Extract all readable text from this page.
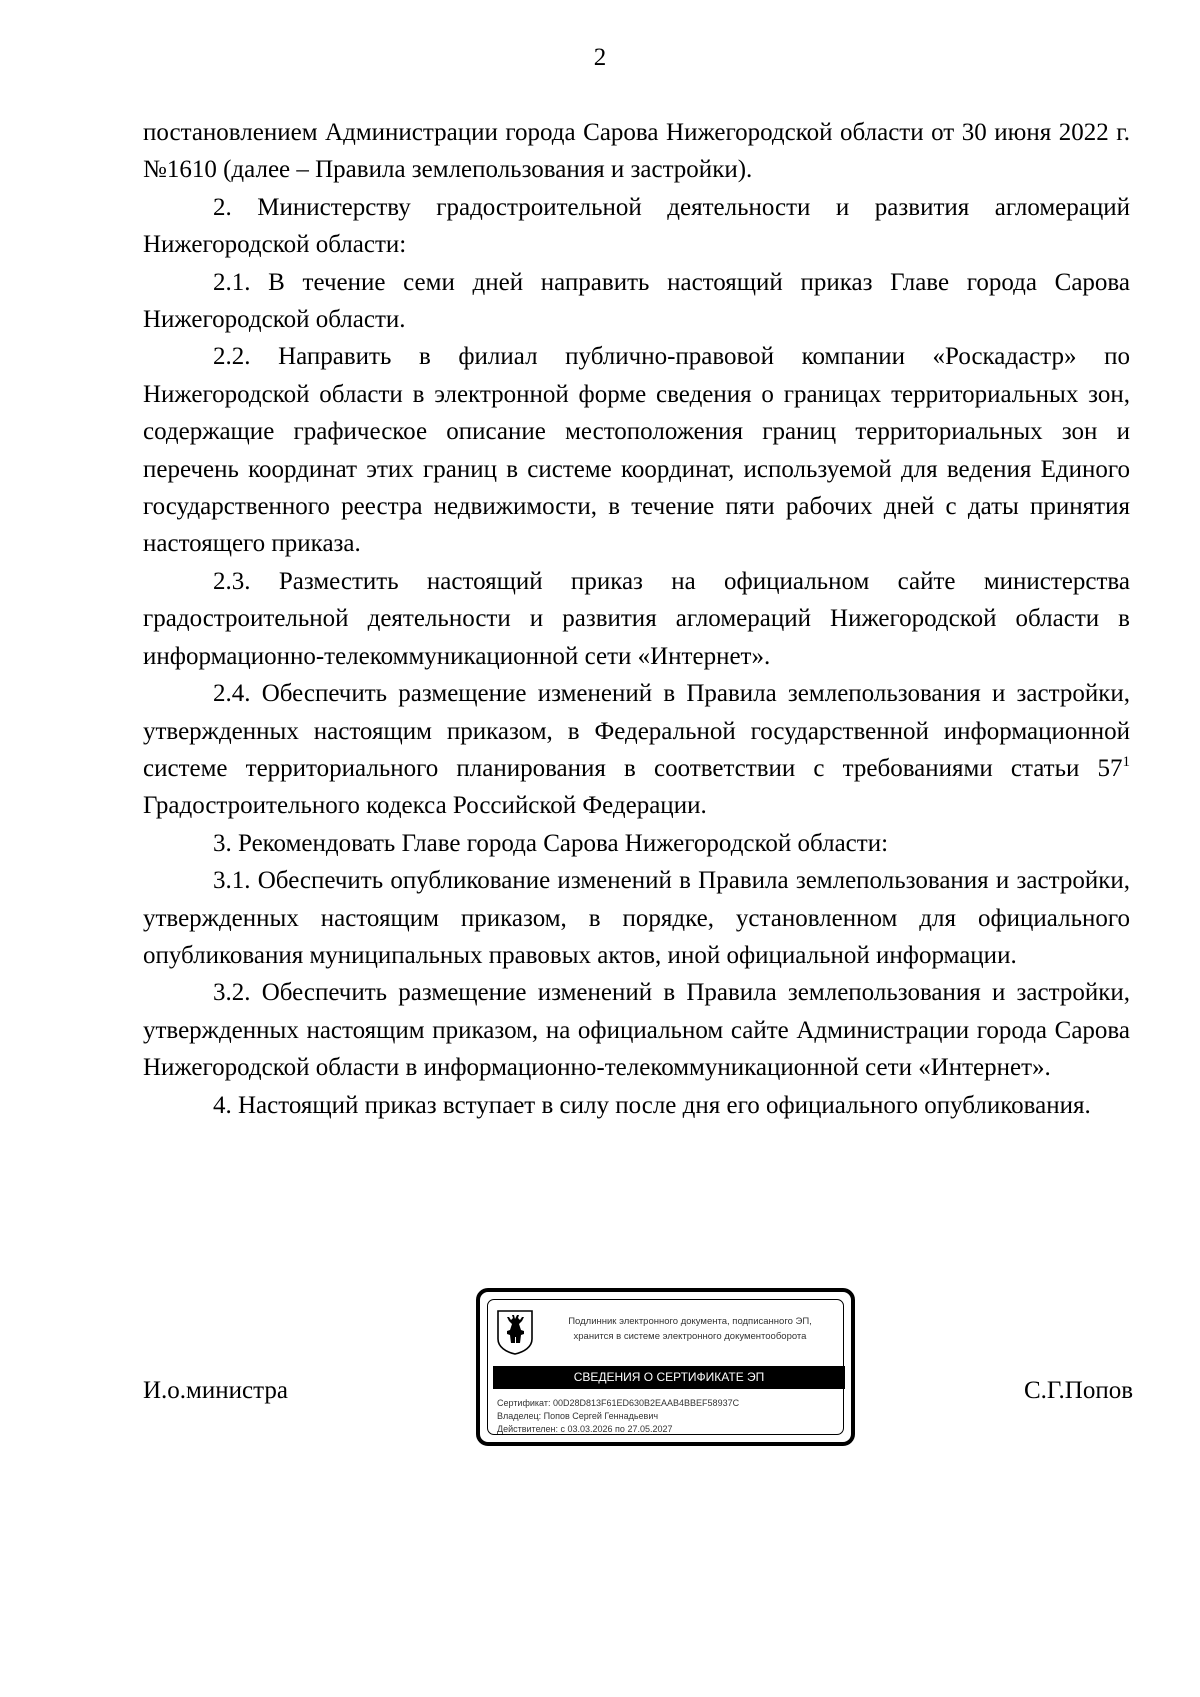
2

постановлением Администрации города Сарова Нижегородской области от 30 июня 2022 г. №1610 (далее – Правила землепользования и застройки).

2. Министерству градостроительной деятельности и развития агломераций Нижегородской области:

2.1. В течение семи дней направить настоящий приказ Главе города Сарова Нижегородской области.

2.2. Направить в филиал публично-правовой компании «Роскадастр» по Нижегородской области в электронной форме сведения о границах территориальных зон, содержащие графическое описание местоположения границ территориальных зон и перечень координат этих границ в системе координат, используемой для ведения Единого государственного реестра недвижимости, в течение пяти рабочих дней с даты принятия настоящего приказа.

2.3. Разместить настоящий приказ на официальном сайте министерства градостроительной деятельности и развития агломераций Нижегородской области в информационно-телекоммуникационной сети «Интернет».

2.4. Обеспечить размещение изменений в Правила землепользования и застройки, утвержденных настоящим приказом, в Федеральной государственной информационной системе территориального планирования в соответствии с требованиями статьи $57^1$ Градостроительного кодекса Российской Федерации.

3. Рекомендовать Главе города Сарова Нижегородской области:

3.1. Обеспечить опубликование изменений в Правила землепользования и застройки, утвержденных настоящим приказом, в порядке, установленном для официального опубликования муниципальных правовых актов, иной официальной информации.

3.2. Обеспечить размещение изменений в Правила землепользования и застройки, утвержденных настоящим приказом, на официальном сайте Администрации города Сарова Нижегородской области в информационно-телекоммуникационной сети «Интернет».

4. Настоящий приказ вступает в силу после дня его официального опубликования.

И.о.министра
Подлинник электронного документа, подписанного ЭП,
хранится в системе электронного документооборота
СВЕДЕНИЯ О СЕРТИФИКАТЕ ЭП
Сертификат: 00D28D813F61ED630B2EAAB4BBEF58937C
Владелец: Попов Сергей Геннадьевич
Действителен: с 03.03.2026 по 27.05.2027
С.Г.Попов
